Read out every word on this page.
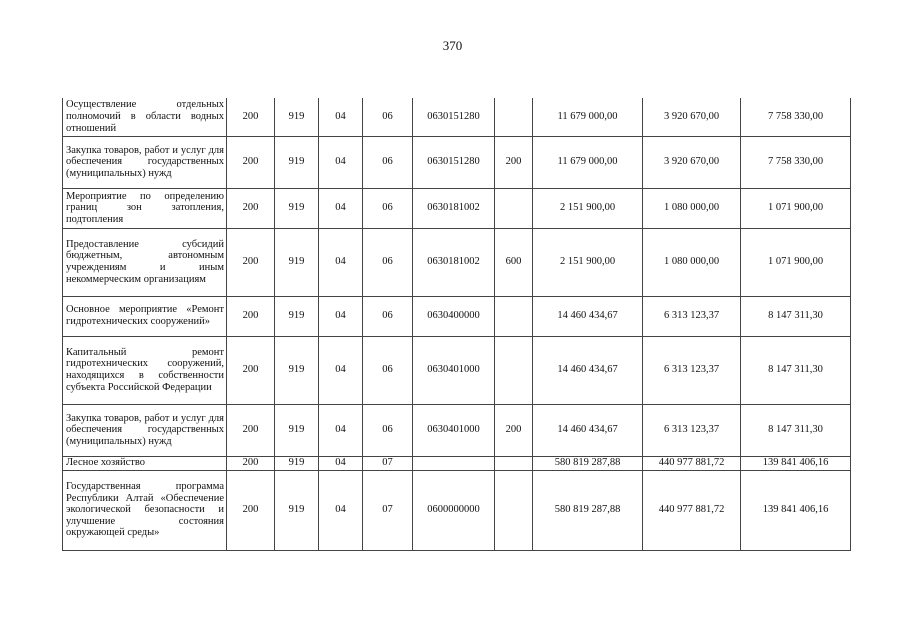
370
Осуществление отдельных полномочий в области водных отношений	200	919	04	06	0630151280		11 679 000,00	3 920 670,00	7 758 330,00
Закупка товаров, работ и услуг для обеспечения государственных (муниципальных) нужд	200	919	04	06	0630151280	200	11 679 000,00	3 920 670,00	7 758 330,00
Мероприятие по определению границ зон затопления, подтопления	200	919	04	06	0630181002		2 151 900,00	1 080 000,00	1 071 900,00
Предоставление субсидий бюджетным, автономным учреждениям и иным некоммерческим организациям	200	919	04	06	0630181002	600	2 151 900,00	1 080 000,00	1 071 900,00
Основное мероприятие «Ремонт гидротехнических сооружений»	200	919	04	06	0630400000		14 460 434,67	6 313 123,37	8 147 311,30
Капитальный ремонт гидротехнических сооружений, находящихся в собственности субъекта Российской Федерации	200	919	04	06	0630401000		14 460 434,67	6 313 123,37	8 147 311,30
Закупка товаров, работ и услуг для обеспечения государственных (муниципальных) нужд	200	919	04	06	0630401000	200	14 460 434,67	6 313 123,37	8 147 311,30
Лесное хозяйство	200	919	04	07			580 819 287,88	440 977 881,72	139 841 406,16
Государственная программа Республики Алтай «Обеспечение экологической безопасности и улучшение состояния окружающей среды»	200	919	04	07	0600000000		580 819 287,88	440 977 881,72	139 841 406,16
